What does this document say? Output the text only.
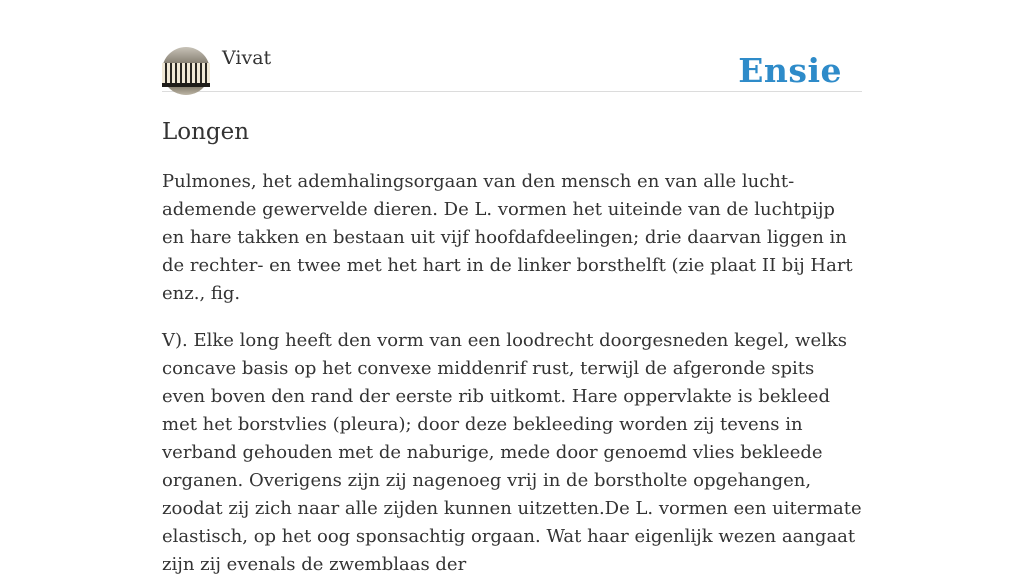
Vivat	Ensie
Longen

Pulmones, het ademhalingsorgaan van den mensch en van alle lucht-ademende gewervelde dieren. De L. vormen het uiteinde van de luchtpijp en hare takken en bestaan uit vijf hoofdafdeelingen; drie daarvan liggen in de rechter- en twee met het hart in de linker borsthelft (zie plaat II bij Hart enz., fig.

V). Elke long heeft den vorm van een loodrecht doorgesneden kegel, welks concave basis op het convexe middenrif rust, terwijl de afgeronde spits even boven den rand der eerste rib uitkomt. Hare oppervlakte is bekleed met het borstvlies (pleura); door deze bekleeding worden zij tevens in verband gehouden met de naburige, mede door genoemd vlies bekleede organen. Overigens zijn zij nagenoeg vrij in de borstholte opgehangen, zoodat zij zich naar alle zijden kunnen uitzetten.De L. vormen een uitermate elastisch, op het oog sponsachtig orgaan. Wat haar eigenlijk wezen aangaat zijn zij evenals de zwemblaas der
